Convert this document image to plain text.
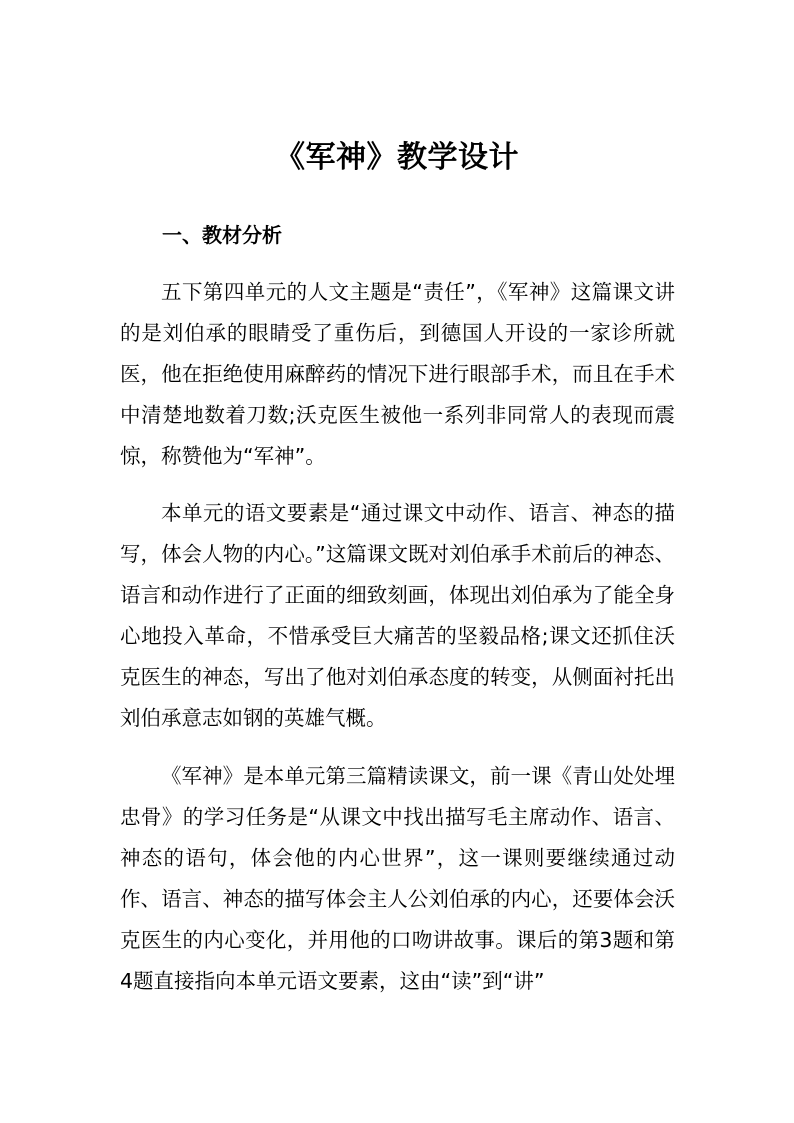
《军神》教学设计
一、教材分析

五下第四单元的人文主题是“责任”，《军神》这篇课文讲的是刘伯承的眼睛受了重伤后，到德国人开设的一家诊所就医，他在拒绝使用麻醉药的情况下进行眼部手术，而且在手术中清楚地数着刀数;沃克医生被他一系列非同常人的表现而震惊，称赞他为“军神”。

本单元的语文要素是“通过课文中动作、语言、神态的描写，体会人物的内心。”这篇课文既对刘伯承手术前后的神态、语言和动作进行了正面的细致刻画，体现出刘伯承为了能全身心地投入革命，不惜承受巨大痛苦的坚毅品格;课文还抓住沃克医生的神态，写出了他对刘伯承态度的转变，从侧面衬托出刘伯承意志如钢的英雄气概。

《军神》是本单元第三篇精读课文，前一课《青山处处埋忠骨》的学习任务是“从课文中找出描写毛主席动作、语言、神态的语句，体会他的内心世界”，这一课则要继续通过动作、语言、神态的描写体会主人公刘伯承的内心，还要体会沃克医生的内心变化，并用他的口吻讲故事。课后的第3题和第4题直接指向本单元语文要素，这由“读”到“讲”
